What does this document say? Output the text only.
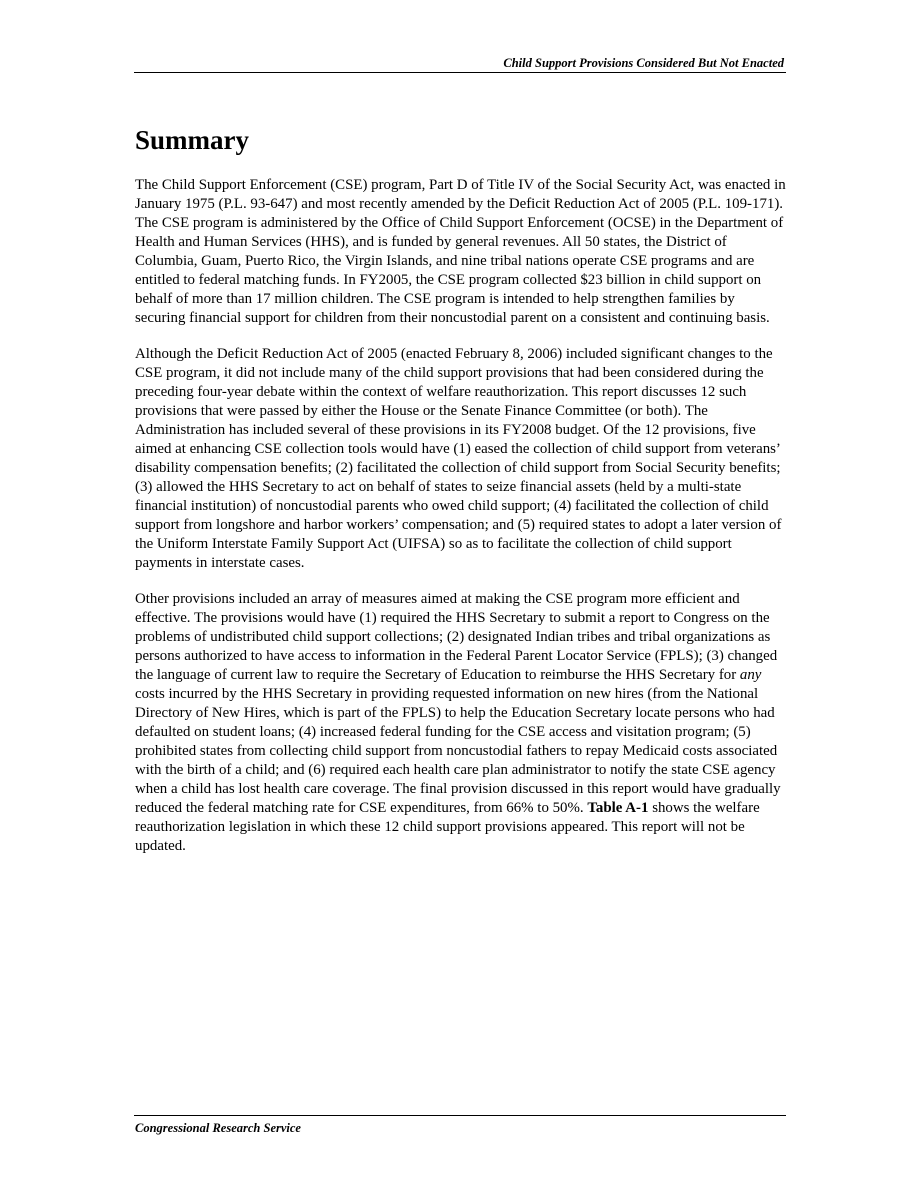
Child Support Provisions Considered But Not Enacted
Summary

The Child Support Enforcement (CSE) program, Part D of Title IV of the Social Security Act, was enacted in January 1975 (P.L. 93-647) and most recently amended by the Deficit Reduction Act of 2005 (P.L. 109-171). The CSE program is administered by the Office of Child Support Enforcement (OCSE) in the Department of Health and Human Services (HHS), and is funded by general revenues. All 50 states, the District of Columbia, Guam, Puerto Rico, the Virgin Islands, and nine tribal nations operate CSE programs and are entitled to federal matching funds. In FY2005, the CSE program collected $23 billion in child support on behalf of more than 17 million children. The CSE program is intended to help strengthen families by securing financial support for children from their noncustodial parent on a consistent and continuing basis.

Although the Deficit Reduction Act of 2005 (enacted February 8, 2006) included significant changes to the CSE program, it did not include many of the child support provisions that had been considered during the preceding four-year debate within the context of welfare reauthorization. This report discusses 12 such provisions that were passed by either the House or the Senate Finance Committee (or both). The Administration has included several of these provisions in its FY2008 budget. Of the 12 provisions, five aimed at enhancing CSE collection tools would have (1) eased the collection of child support from veterans’ disability compensation benefits; (2) facilitated the collection of child support from Social Security benefits; (3) allowed the HHS Secretary to act on behalf of states to seize financial assets (held by a multi-state financial institution) of noncustodial parents who owed child support; (4) facilitated the collection of child support from longshore and harbor workers’ compensation; and (5) required states to adopt a later version of the Uniform Interstate Family Support Act (UIFSA) so as to facilitate the collection of child support payments in interstate cases.

Other provisions included an array of measures aimed at making the CSE program more efficient and effective. The provisions would have (1) required the HHS Secretary to submit a report to Congress on the problems of undistributed child support collections; (2) designated Indian tribes and tribal organizations as persons authorized to have access to information in the Federal Parent Locator Service (FPLS); (3) changed the language of current law to require the Secretary of Education to reimburse the HHS Secretary for any costs incurred by the HHS Secretary in providing requested information on new hires (from the National Directory of New Hires, which is part of the FPLS) to help the Education Secretary locate persons who had defaulted on student loans; (4) increased federal funding for the CSE access and visitation program; (5) prohibited states from collecting child support from noncustodial fathers to repay Medicaid costs associated with the birth of a child; and (6) required each health care plan administrator to notify the state CSE agency when a child has lost health care coverage. The final provision discussed in this report would have gradually reduced the federal matching rate for CSE expenditures, from 66% to 50%. Table A-1 shows the welfare reauthorization legislation in which these 12 child support provisions appeared. This report will not be updated.

Congressional Research Service
